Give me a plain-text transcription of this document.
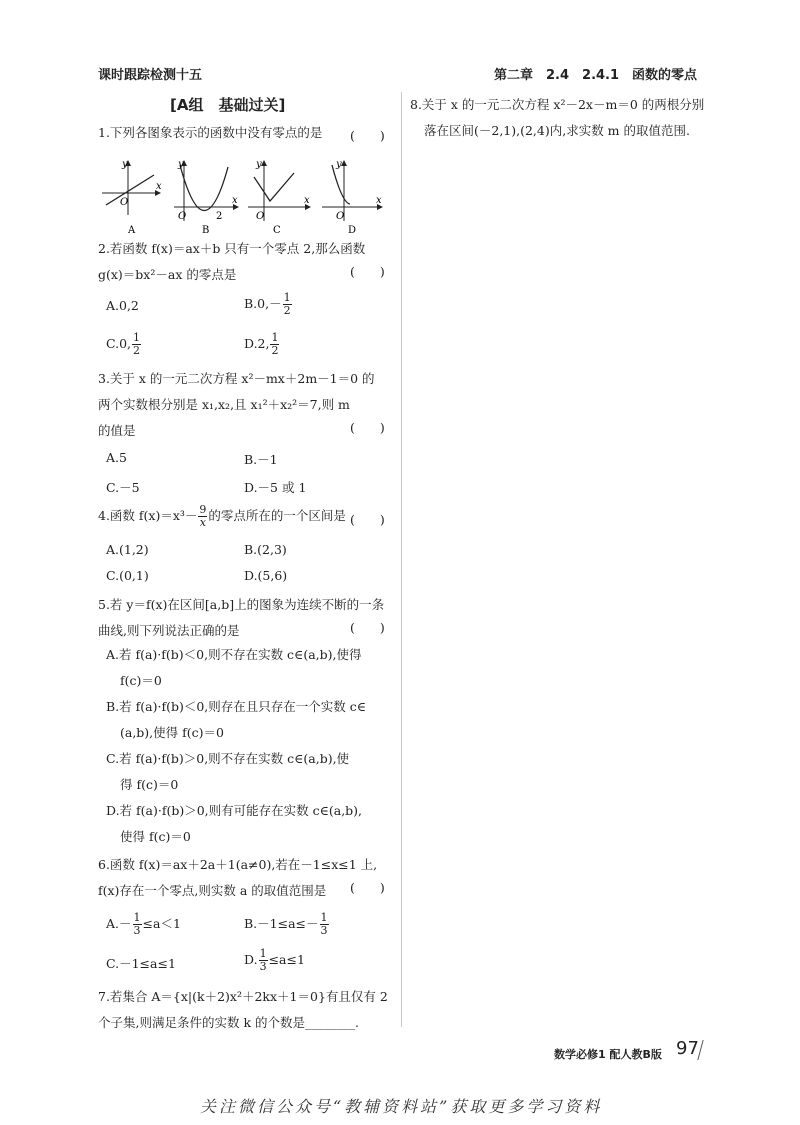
课时跟踪检测十五	第二章　2.4　2.4.1　函数的零点
[A组　基础过关]
1.下列各图象表示的函数中没有零点的是	(　　)
y
x
O
y
x
O	2
y
x
O
y
x
O
A	B	C	D
2.若函数 f(x)＝ax＋b 只有一个零点 2,那么函数
g(x)＝bx²－ax 的零点是	(　　)
A.0,2	$B.0,- \frac{1}{2}$
C.0, $\frac{1}{2}$	D.2, $\frac{1}{2}$
3.关于 x 的一元二次方程 x²－mx＋2m－1＝0 的
两个实数根分别是 x₁,x₂,且 x₁²＋x₂²＝7,则 m
的值是	(　　)
A.5	B.－1
C.－5	D.－5 或 1
4.函数 $f(x)=x^3- \frac{9}{x}$ 的零点所在的一个区间是 (　　)
A.(1,2)	B.(2,3)
C.(0,1)	D.(5,6)
5.若 y＝f(x)在区间[a,b]上的图象为连续不断的一条
曲线,则下列说法正确的是	(　　)
A.若 f(a)·f(b)＜0,则不存在实数 c∈(a,b),使得
f(c)＝0
B.若 f(a)·f(b)＜0,则存在且只存在一个实数 c∈
(a,b),使得 f(c)＝0
C.若 f(a)·f(b)＞0,则不存在实数 c∈(a,b),使
得 f(c)＝0
D.若 f(a)·f(b)＞0,则有可能存在实数 c∈(a,b),
使得 f(c)＝0
6.函数 f(x)＝ax＋2a＋1(a≠0),若在－1≤x≤1 上,
f(x)存在一个零点,则实数 a 的取值范围是	(　　)
$A.- \frac{1}{3} \le a<1$	$B.-1\le a\le- \frac{1}{3}$
C.－1≤a≤1	D. $\frac{1}{3} \le a\le 1$
7.若集合 A＝{x|(k＋2)x²＋2kx＋1＝0}有且仅有 2
个子集,则满足条件的实数 k 的个数是________.
8.关于 x 的一元二次方程 x²－2x－m＝0 的两根分别
落在区间(－2,1),(2,4)内,求实数 m 的取值范围.
数学必修1 配人教B版 97
关注微信公众号“教辅资料站”获取更多学习资料
